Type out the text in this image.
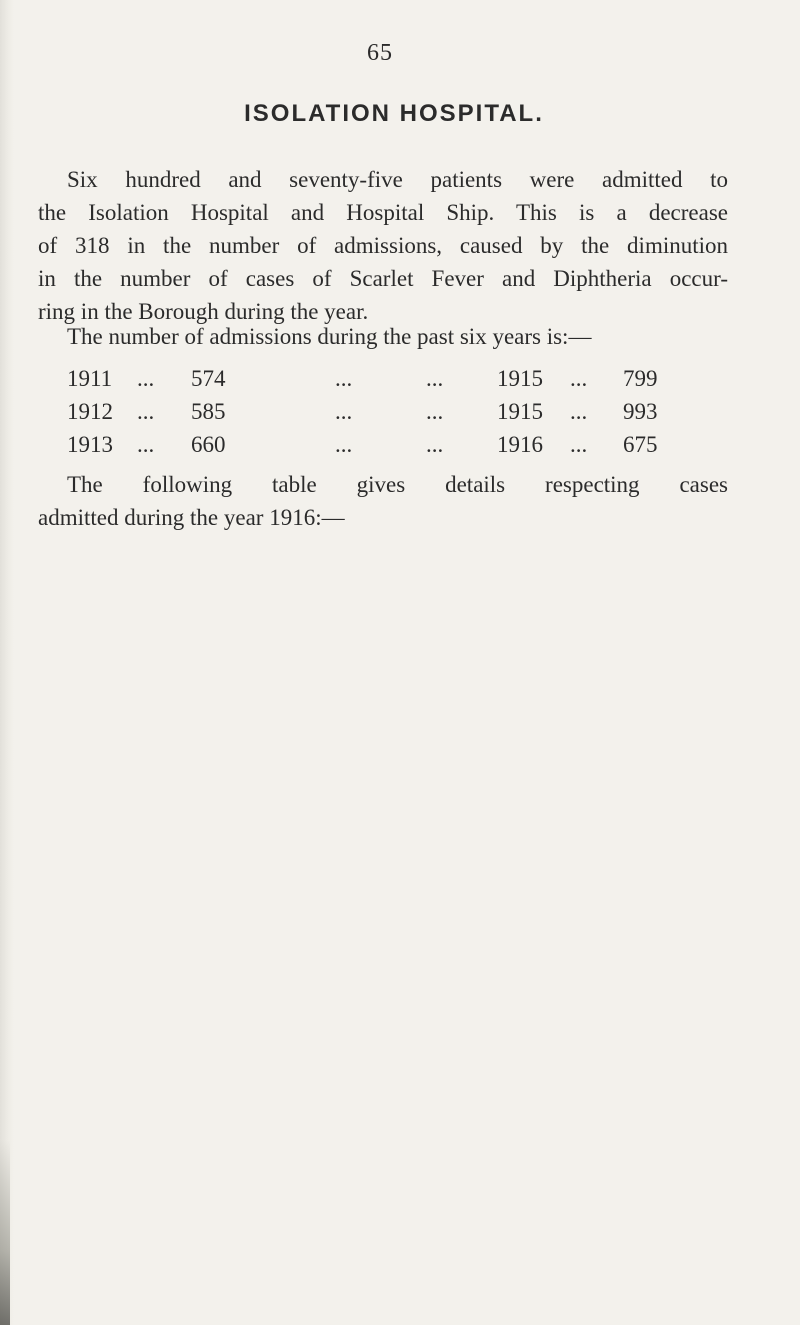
65
ISOLATION HOSPITAL.
Six hundred and seventy-five patients were admitted to
the Isolation Hospital and Hospital Ship. This is a decrease
of 318 in the number of admissions, caused by the diminution
in the number of cases of Scarlet Fever and Diphtheria occur-
ring in the Borough during the year.

The number of admissions during the past six years is:—

1911 ... 574	...	... 1915 ... 799
1912 ... 585	...	... 1915 ... 993
1913 ... 660	...	... 1916 ... 675
The following table gives details respecting cases
admitted during the year 1916:—
